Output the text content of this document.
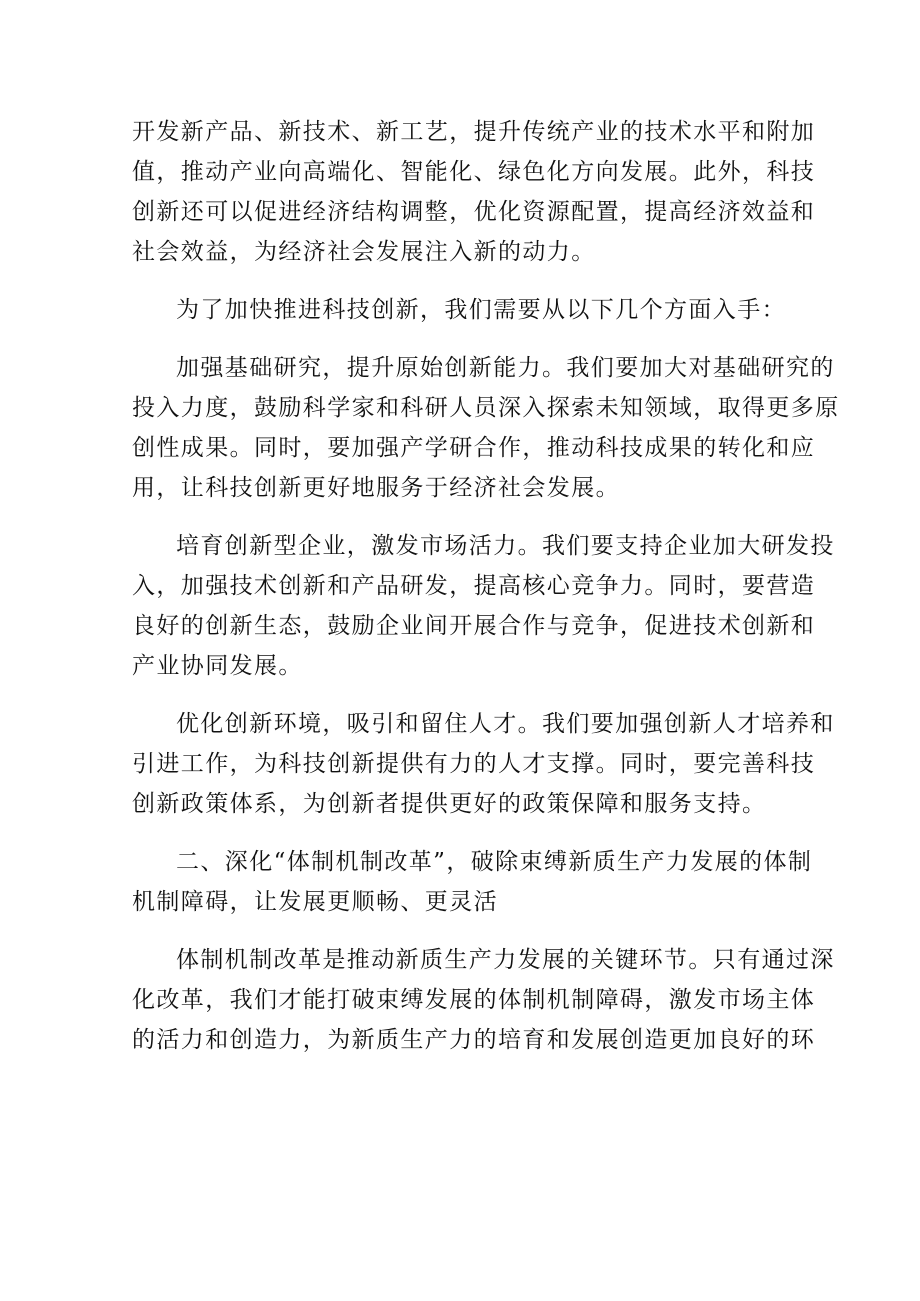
开发新产品、新技术、新工艺，提升传统产业的技术水平和附加
值，推动产业向高端化、智能化、绿色化方向发展。此外，科技
创新还可以促进经济结构调整，优化资源配置，提高经济效益和
社会效益，为经济社会发展注入新的动力。
为了加快推进科技创新，我们需要从以下几个方面入手：
加强基础研究，提升原始创新能力。我们要加大对基础研究的
投入力度，鼓励科学家和科研人员深入探索未知领域，取得更多原
创性成果。同时，要加强产学研合作，推动科技成果的转化和应
用，让科技创新更好地服务于经济社会发展。
培育创新型企业，激发市场活力。我们要支持企业加大研发投
入，加强技术创新和产品研发，提高核心竞争力。同时，要营造
良好的创新生态，鼓励企业间开展合作与竞争，促进技术创新和
产业协同发展。
优化创新环境，吸引和留住人才。我们要加强创新人才培养和
引进工作，为科技创新提供有力的人才支撑。同时，要完善科技
创新政策体系，为创新者提供更好的政策保障和服务支持。
二、深化“体制机制改革”，破除束缚新质生产力发展的体制
机制障碍，让发展更顺畅、更灵活
体制机制改革是推动新质生产力发展的关键环节。只有通过深
化改革，我们才能打破束缚发展的体制机制障碍，激发市场主体
的活力和创造力，为新质生产力的培育和发展创造更加良好的环
